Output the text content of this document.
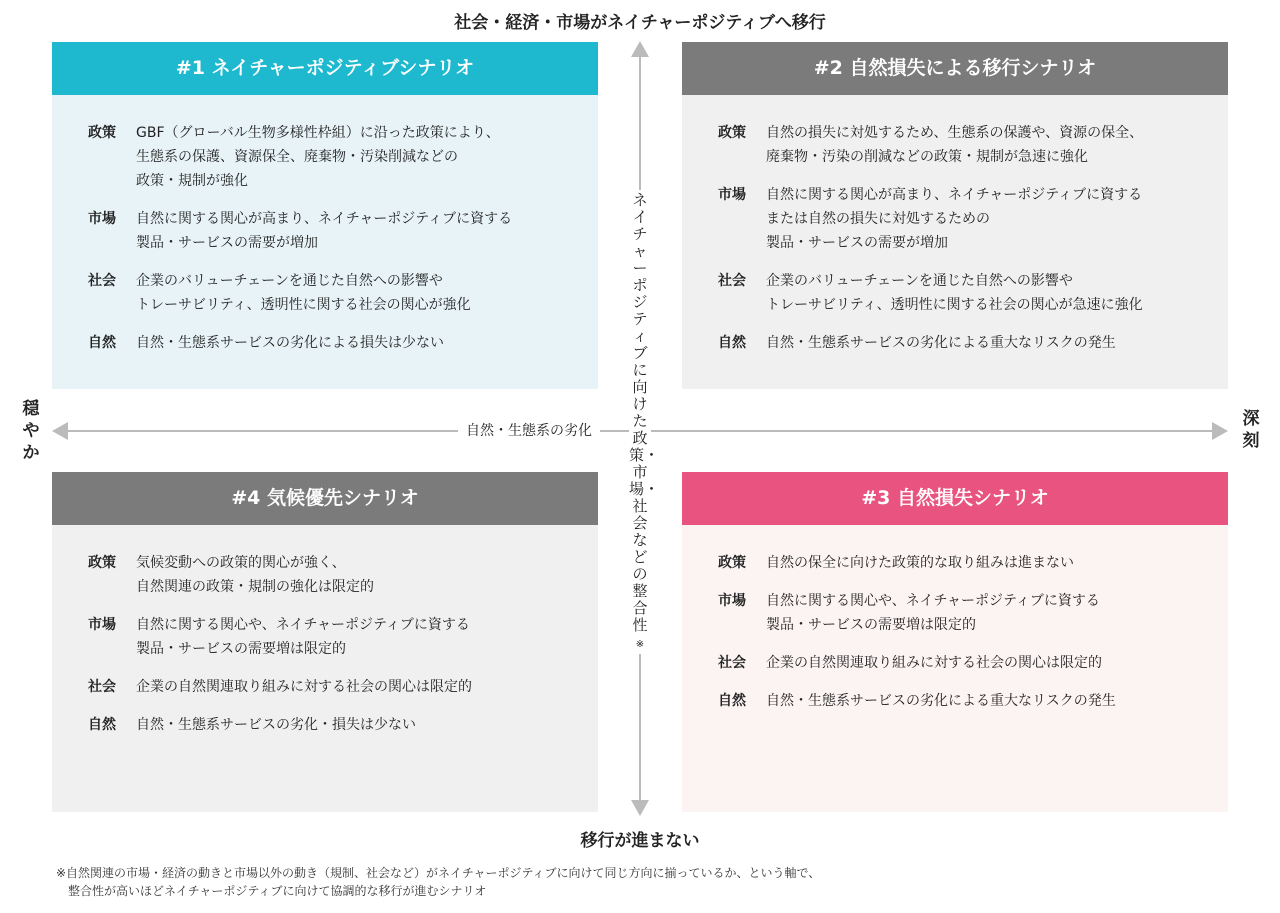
社会・経済・市場がネイチャーポジティブへ移行
移行が進まない
穏やか
深刻
#1 ネイチャーポジティブシナリオ
政策	GBF（グローバル生物多様性枠組）に沿った政策により、
生態系の保護、資源保全、廃棄物・汚染削減などの
政策・規制が強化
市場	自然に関する関心が高まり、ネイチャーポジティブに資する
製品・サービスの需要が増加
社会	企業のバリューチェーンを通じた自然への影響や
トレーサビリティ、透明性に関する社会の関心が強化
自然	自然・生態系サービスの劣化による損失は少ない
#2 自然損失による移行シナリオ
政策	自然の損失に対処するため、生態系の保護や、資源の保全、
廃棄物・汚染の削減などの政策・規制が急速に強化
市場	自然に関する関心が高まり、ネイチャーポジティブに資する
または自然の損失に対処するための
製品・サービスの需要が増加
社会	企業のバリューチェーンを通じた自然への影響や
トレーサビリティ、透明性に関する社会の関心が急速に強化
自然	自然・生態系サービスの劣化による重大なリスクの発生
#4 気候優先シナリオ
政策	気候変動への政策的関心が強く、
自然関連の政策・規制の強化は限定的
市場	自然に関する関心や、ネイチャーポジティブに資する
製品・サービスの需要増は限定的
社会	企業の自然関連取り組みに対する社会の関心は限定的
自然	自然・生態系サービスの劣化・損失は少ない
#3 自然損失シナリオ
政策	自然の保全に向けた政策的な取り組みは進まない
市場	自然に関する関心や、ネイチャーポジティブに資する
製品・サービスの需要増は限定的
社会	企業の自然関連取り組みに対する社会の関心は限定的
自然	自然・生態系サービスの劣化による重大なリスクの発生
自然・生態系の劣化
ネイチャーポジティブに向けた政策・市場・社会などの整合性
※
※自然関連の市場・経済の動きと市場以外の動き（規制、社会など）がネイチャーポジティブに向けて同じ方向に揃っているか、という軸で、
　整合性が高いほどネイチャーポジティブに向けて協調的な移行が進むシナリオ
